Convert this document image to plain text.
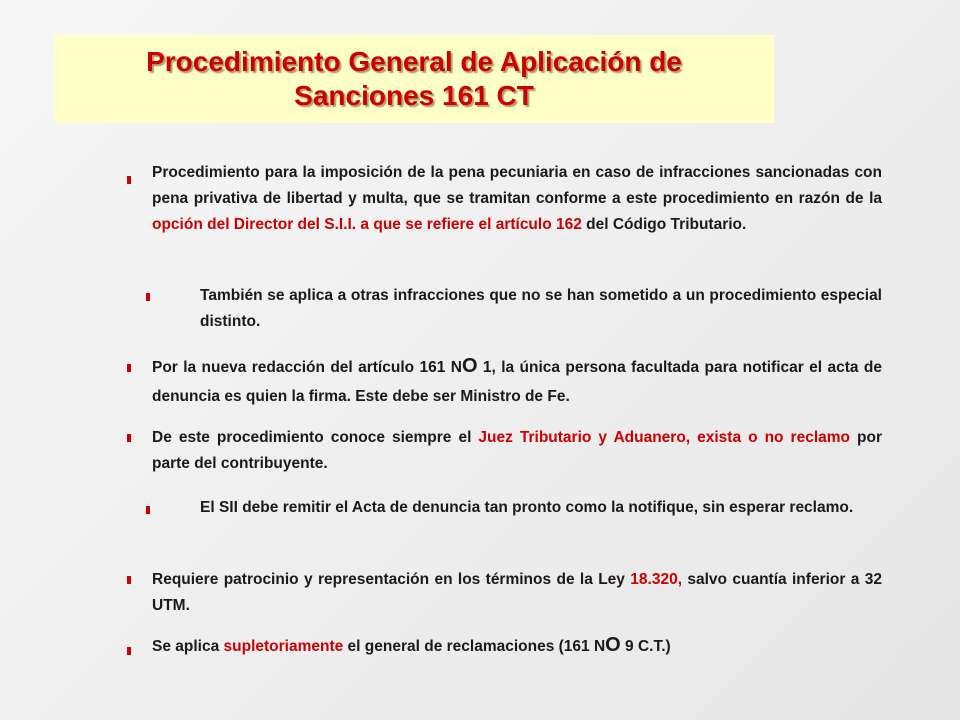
Procedimiento General de Aplicación de
Sanciones 161 CT
Procedimiento para la imposición de la pena pecuniaria en caso de infracciones sancionadas con pena privativa de libertad y multa, que se tramitan conforme a este procedimiento en razón de la opción del Director del S.I.I. a que se refiere el artículo 162 del Código Tributario.
También se aplica a otras infracciones que no se han sometido a un procedimiento especial distinto.
Por la nueva redacción del artículo 161 NO 1, la única persona facultada para notificar el acta de denuncia es quien la firma. Este debe ser Ministro de Fe.
De este procedimiento conoce siempre el Juez Tributario y Aduanero, exista o no reclamo por parte del contribuyente.
El SII debe remitir el Acta de denuncia tan pronto como la notifique, sin esperar reclamo.
Requiere patrocinio y representación en los términos de la Ley 18.320, salvo cuantía inferior a 32 UTM.
Se aplica supletoriamente el general de reclamaciones (161 NO 9 C.T.)
